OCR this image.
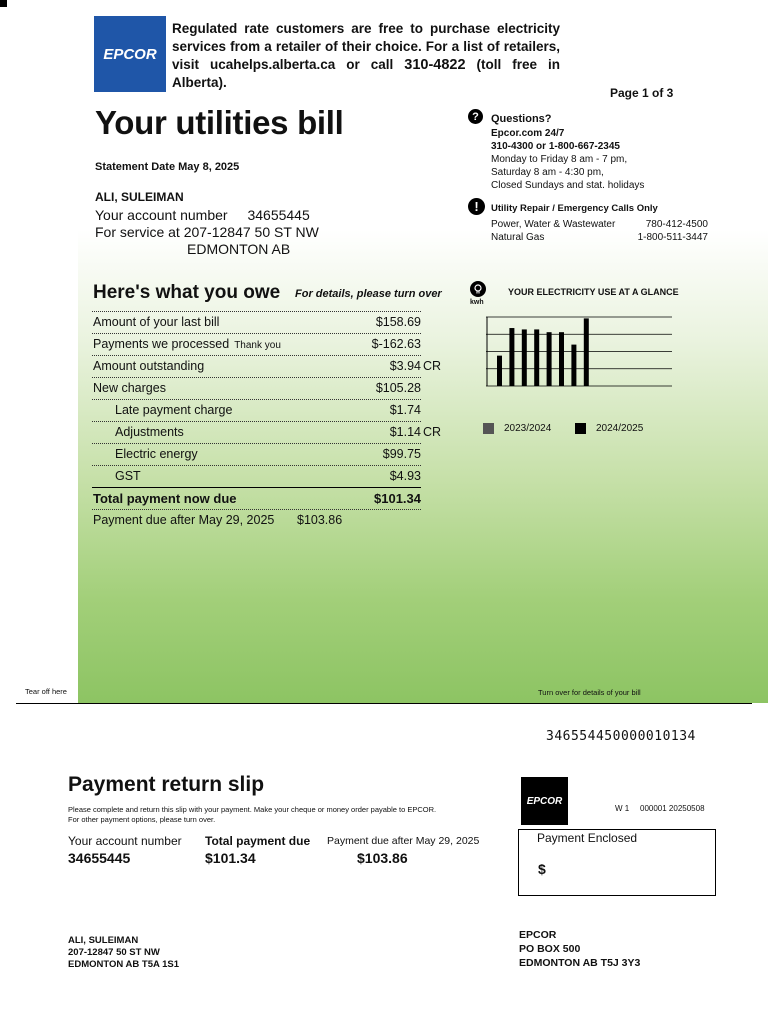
EPCOR
Regulated rate customers are free to purchase electricity services from a retailer of their choice. For a list of retailers, visit ucahelps.alberta.ca or call 310-4822 (toll free in Alberta).
Page 1 of 3
Your utilities bill
Statement Date May 8, 2025
ALI, SULEIMAN
Your account number 34655445
For service at 207-12847 50 ST NW
EDMONTON AB
?	Questions?
Epcor.com 24/7
310-4300 or 1-800-667-2345
Monday to Friday 8 am - 7 pm,
Saturday 8 am - 4:30 pm,
Closed Sundays and stat. holidays
!	Utility Repair / Emergency Calls Only
Power, Water & Wastewater	780-412-4500
Natural Gas	1-800-511-3447
Here's what you owe For details, please turn over
Amount of your last bill	$158.69
Payments we processed Thank you	$-162.63
Amount outstanding	$3.94 CR
New charges	$105.28
Late payment charge	$1.74
Adjustments	$1.14 CR
Electric energy	$99.75
GST	$4.93
Total payment now due	$101.34
Payment due after May 29, 2025 $103.86
YOUR ELECTRICITY USE AT A GLANCE
kwh
2023/2024	2024/2025
Tear off here	Turn over for details of your bill
346554450000010134
Payment return slip
Please complete and return this slip with your payment. Make your cheque or money order payable to EPCOR. For other payment options, please turn over.
Your account number
34655445
Total payment due
$101.34
Payment due after May 29, 2025
$103.86
EPCOR
W 1 000001 20250508
Payment Enclosed
$
ALI, SULEIMAN
207-12847 50 ST NW
EDMONTON AB T5A 1S1
EPCOR
PO BOX 500
EDMONTON AB T5J 3Y3
